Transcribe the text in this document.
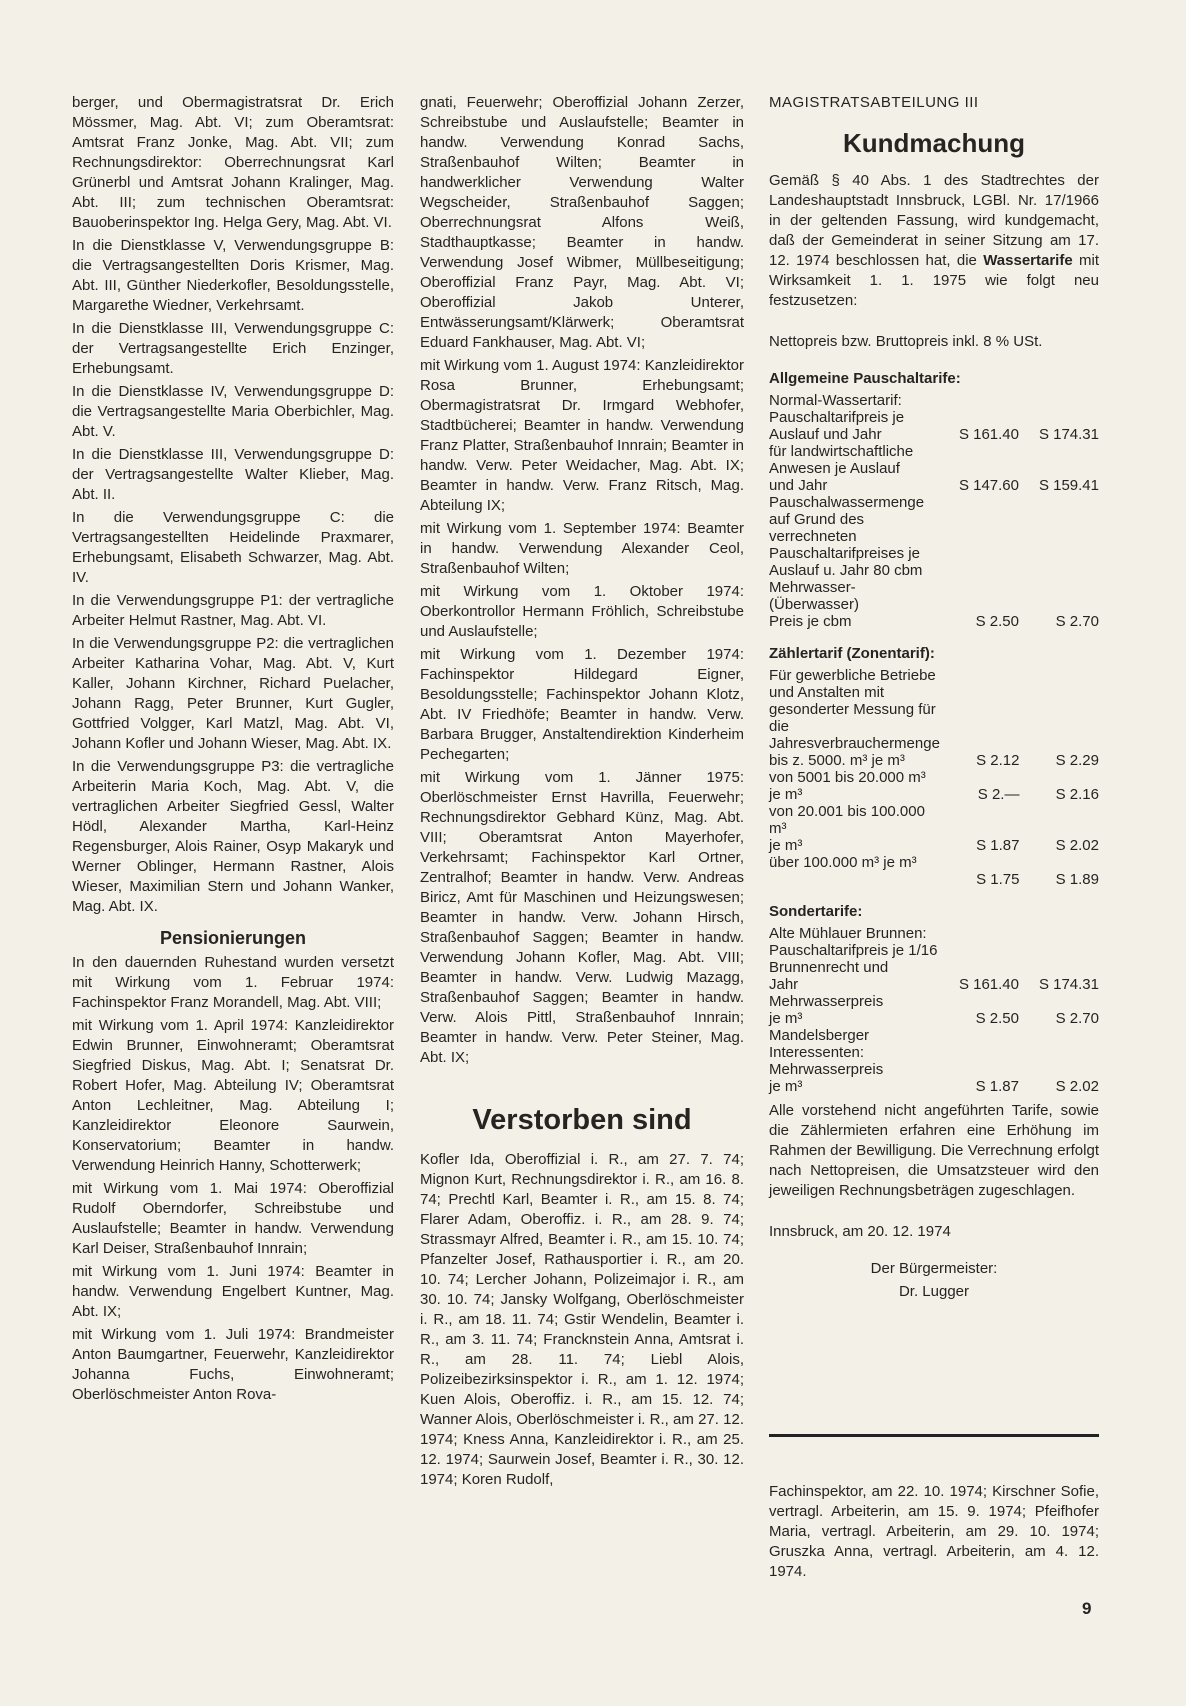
berger, und Obermagistratsrat Dr. Erich Mössmer, Mag. Abt. VI; zum Oberamtsrat: Amtsrat Franz Jonke, Mag. Abt. VII; zum Rechnungsdirektor: Oberrechnungsrat Karl Grünerbl und Amtsrat Johann Kralinger, Mag. Abt. III; zum technischen Oberamtsrat: Bauoberinspektor Ing. Helga Gery, Mag. Abt. VI.

In die Dienstklasse V, Verwendungsgruppe B: die Vertragsangestellten Doris Krismer, Mag. Abt. III, Günther Niederkofler, Besoldungsstelle, Margarethe Wiedner, Verkehrsamt.

In die Dienstklasse III, Verwendungsgruppe C: der Vertragsangestellte Erich Enzinger, Erhebungsamt.

In die Dienstklasse IV, Verwendungsgruppe D: die Vertragsangestellte Maria Oberbichler, Mag. Abt. V.

In die Dienstklasse III, Verwendungsgruppe D: der Vertragsangestellte Walter Klieber, Mag. Abt. II.

In die Verwendungsgruppe C: die Vertragsangestellten Heidelinde Praxmarer, Erhebungsamt, Elisabeth Schwarzer, Mag. Abt. IV.

In die Verwendungsgruppe P1: der vertragliche Arbeiter Helmut Rastner, Mag. Abt. VI.

In die Verwendungsgruppe P2: die vertraglichen Arbeiter Katharina Vohar, Mag. Abt. V, Kurt Kaller, Johann Kirchner, Richard Puelacher, Johann Ragg, Peter Brunner, Kurt Gugler, Gottfried Volgger, Karl Matzl, Mag. Abt. VI, Johann Kofler und Johann Wieser, Mag. Abt. IX.

In die Verwendungsgruppe P3: die vertragliche Arbeiterin Maria Koch, Mag. Abt. V, die vertraglichen Arbeiter Siegfried Gessl, Walter Hödl, Alexander Martha, Karl-Heinz Regensburger, Alois Rainer, Osyp Makaryk und Werner Oblinger, Hermann Rastner, Alois Wieser, Maximilian Stern und Johann Wanker, Mag. Abt. IX.

Pensionierungen

In den dauernden Ruhestand wurden versetzt mit Wirkung vom 1. Februar 1974: Fachinspektor Franz Morandell, Mag. Abt. VIII;

mit Wirkung vom 1. April 1974: Kanzleidirektor Edwin Brunner, Einwohneramt; Oberamtsrat Siegfried Diskus, Mag. Abt. I; Senatsrat Dr. Robert Hofer, Mag. Abteilung IV; Oberamtsrat Anton Lechleitner, Mag. Abteilung I; Kanzleidirektor Eleonore Saurwein, Konservatorium; Beamter in handw. Verwendung Heinrich Hanny, Schotterwerk;

mit Wirkung vom 1. Mai 1974: Oberoffizial Rudolf Oberndorfer, Schreibstube und Auslaufstelle; Beamter in handw. Verwendung Karl Deiser, Straßenbauhof Innrain;

mit Wirkung vom 1. Juni 1974: Beamter in handw. Verwendung Engelbert Kuntner, Mag. Abt. IX;

mit Wirkung vom 1. Juli 1974: Brandmeister Anton Baumgartner, Feuerwehr, Kanzleidirektor Johanna Fuchs, Einwohneramt; Oberlöschmeister Anton Rova-

gnati, Feuerwehr; Oberoffizial Johann Zerzer, Schreibstube und Auslaufstelle; Beamter in handw. Verwendung Konrad Sachs, Straßenbauhof Wilten; Beamter in handwerklicher Verwendung Walter Wegscheider, Straßenbauhof Saggen; Oberrechnungsrat Alfons Weiß, Stadthauptkasse; Beamter in handw. Verwendung Josef Wibmer, Müllbeseitigung; Oberoffizial Franz Payr, Mag. Abt. VI; Oberoffizial Jakob Unterer, Entwässerungsamt/Klärwerk; Oberamtsrat Eduard Fankhauser, Mag. Abt. VI;

mit Wirkung vom 1. August 1974: Kanzleidirektor Rosa Brunner, Erhebungsamt; Obermagistratsrat Dr. Irmgard Webhofer, Stadtbücherei; Beamter in handw. Verwendung Franz Platter, Straßenbauhof Innrain; Beamter in handw. Verw. Peter Weidacher, Mag. Abt. IX; Beamter in handw. Verw. Franz Ritsch, Mag. Abteilung IX;

mit Wirkung vom 1. September 1974: Beamter in handw. Verwendung Alexander Ceol, Straßenbauhof Wilten;

mit Wirkung vom 1. Oktober 1974: Oberkontrollor Hermann Fröhlich, Schreibstube und Auslaufstelle;

mit Wirkung vom 1. Dezember 1974: Fachinspektor Hildegard Eigner, Besoldungsstelle; Fachinspektor Johann Klotz, Abt. IV Friedhöfe; Beamter in handw. Verw. Barbara Brugger, Anstaltendirektion Kinderheim Pechegarten;

mit Wirkung vom 1. Jänner 1975: Oberlöschmeister Ernst Havrilla, Feuerwehr; Rechnungsdirektor Gebhard Künz, Mag. Abt. VIII; Oberamtsrat Anton Mayerhofer, Verkehrsamt; Fachinspektor Karl Ortner, Zentralhof; Beamter in handw. Verw. Andreas Biricz, Amt für Maschinen und Heizungswesen; Beamter in handw. Verw. Johann Hirsch, Straßenbauhof Saggen; Beamter in handw. Verwendung Johann Kofler, Mag. Abt. VIII; Beamter in handw. Verw. Ludwig Mazagg, Straßenbauhof Saggen; Beamter in handw. Verw. Alois Pittl, Straßenbauhof Innrain; Beamter in handw. Verw. Peter Steiner, Mag. Abt. IX;

Verstorben sind

Kofler Ida, Oberoffizial i. R., am 27. 7. 74; Mignon Kurt, Rechnungsdirektor i. R., am 16. 8. 74; Prechtl Karl, Beamter i. R., am 15. 8. 74; Flarer Adam, Oberoffiz. i. R., am 28. 9. 74; Strassmayr Alfred, Beamter i. R., am 15. 10. 74; Pfanzelter Josef, Rathausportier i. R., am 20. 10. 74; Lercher Johann, Polizeimajor i. R., am 30. 10. 74; Jansky Wolfgang, Oberlöschmeister i. R., am 18. 11. 74; Gstir Wendelin, Beamter i. R., am 3. 11. 74; Francknstein Anna, Amtsrat i. R., am 28. 11. 74; Liebl Alois, Polizeibezirksinspektor i. R., am 1. 12. 1974; Kuen Alois, Oberoffiz. i. R., am 15. 12. 74; Wanner Alois, Oberlöschmeister i. R., am 27. 12. 1974; Kness Anna, Kanzleidirektor i. R., am 25. 12. 1974; Saurwein Josef, Beamter i. R., 30. 12. 1974; Koren Rudolf,

MAGISTRATSABTEILUNG III
Kundmachung

Gemäß § 40 Abs. 1 des Stadtrechtes der Landeshauptstadt Innsbruck, LGBl. Nr. 17/1966 in der geltenden Fassung, wird kundgemacht, daß der Gemeinderat in seiner Sitzung am 17. 12. 1974 beschlossen hat, die Wassertarife mit Wirksamkeit 1. 1. 1975 wie folgt neu festzusetzen:

Nettopreis bzw. Bruttopreis inkl. 8 % USt.

Allgemeine Pauschaltarife:

Normal-Wassertarif:		
Pauschaltarifpreis je		
Auslauf und Jahr	S 161.40	S 174.31
für landwirtschaftliche Anwesen je Auslauf		
und Jahr	S 147.60	S 159.41
Pauschalwassermenge auf Grund des verrechneten Pauschaltarifpreises je Auslauf u. Jahr 80 cbm		
Mehrwasser-(Überwasser)		
Preis je cbm	S 2.50	S 2.70

Zählertarif (Zonentarif):

Für gewerbliche Betriebe und Anstalten mit gesonderter Messung für die Jahresverbrauchermenge		
bis z. 5000. m³ je m³	S 2.12	S 2.29
von 5001 bis 20.000 m³		
je m³	S 2.—	S 2.16
von 20.001 bis 100.000 m³		
je m³	S 1.87	S 2.02
über 100.000 m³ je m³		
	S 1.75	S 1.89

Sondertarife:

Alte Mühlauer Brunnen:		
Pauschaltarifpreis je 1/16 Brunnenrecht und		
Jahr	S 161.40	S 174.31
Mehrwasserpreis		
je m³	S 2.50	S 2.70
Mandelsberger Interessenten:		
Mehrwasserpreis		
je m³	S 1.87	S 2.02

Alle vorstehend nicht angeführten Tarife, sowie die Zählermieten erfahren eine Erhöhung im Rahmen der Bewilligung. Die Verrechnung erfolgt nach Nettopreisen, die Umsatzsteuer wird den jeweiligen Rechnungsbeträgen zugeschlagen.

Innsbruck, am 20. 12. 1974

Der Bürgermeister:

Dr. Lugger

Fachinspektor, am 22. 10. 1974; Kirschner Sofie, vertragl. Arbeiterin, am 15. 9. 1974; Pfeifhofer Maria, vertragl. Arbeiterin, am 29. 10. 1974; Gruszka Anna, vertragl. Arbeiterin, am 4. 12. 1974.

9
